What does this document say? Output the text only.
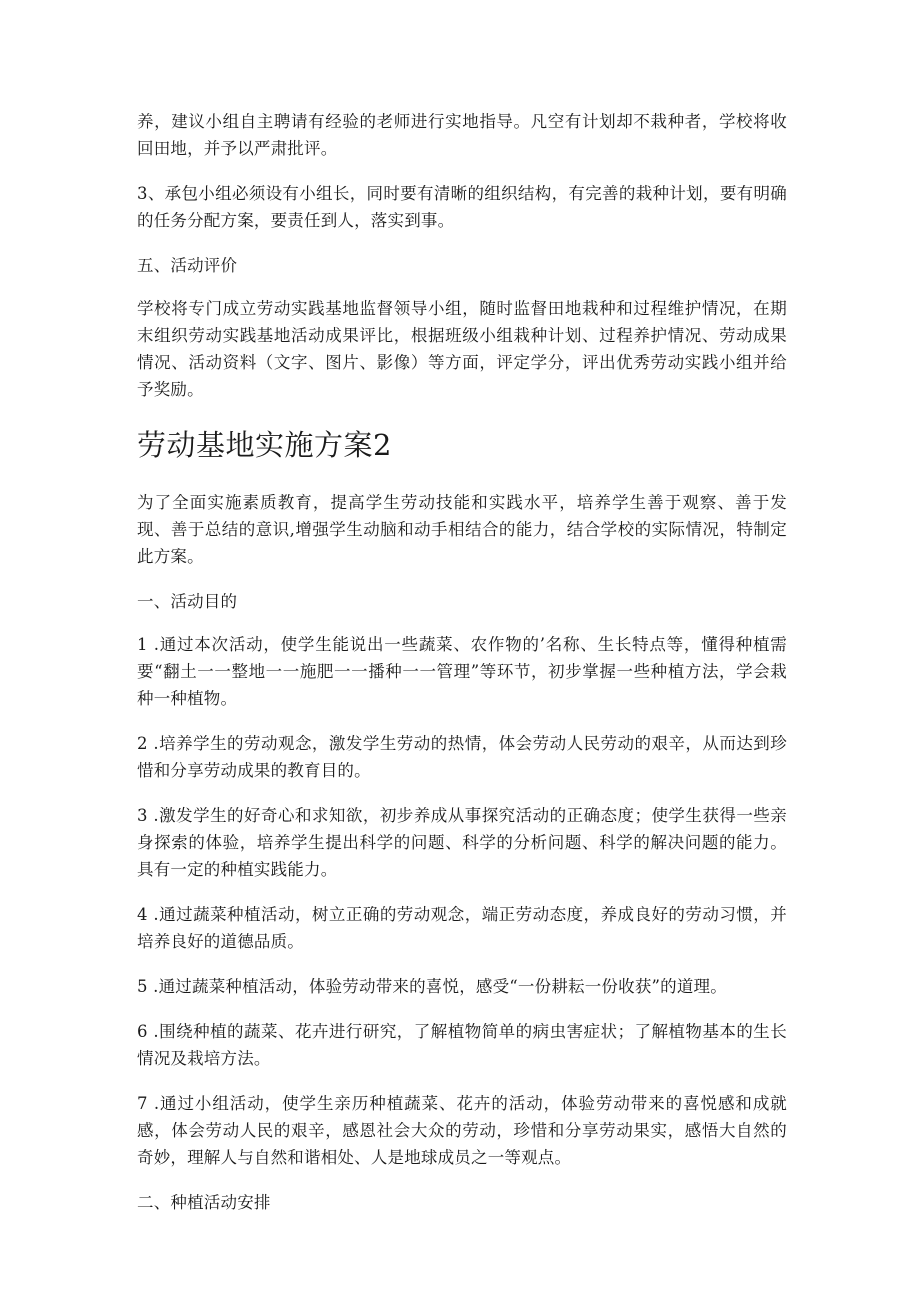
养，建议小组自主聘请有经验的老师进行实地指导。凡空有计划却不栽种者，学校将收回田地，并予以严肃批评。

3、承包小组必须设有小组长，同时要有清晰的组织结构，有完善的栽种计划，要有明确的任务分配方案，要责任到人，落实到事。

五、活动评价

学校将专门成立劳动实践基地监督领导小组，随时监督田地栽种和过程维护情况，在期末组织劳动实践基地活动成果评比，根据班级小组栽种计划、过程养护情况、劳动成果情况、活动资料（文字、图片、影像）等方面，评定学分，评出优秀劳动实践小组并给予奖励。

劳动基地实施方案2

为了全面实施素质教育，提高学生劳动技能和实践水平，培养学生善于观察、善于发现、善于总结的意识,增强学生动脑和动手相结合的能力，结合学校的实际情况，特制定此方案。

一、活动目的

1 .通过本次活动，使学生能说出一些蔬菜、农作物的’名称、生长特点等，懂得种植需要“翻土一一整地一一施肥一一播种一一管理”等环节，初步掌握一些种植方法，学会栽种一种植物。

2 .培养学生的劳动观念，激发学生劳动的热情，体会劳动人民劳动的艰辛，从而达到珍惜和分享劳动成果的教育目的。

3 .激发学生的好奇心和求知欲，初步养成从事探究活动的正确态度；使学生获得一些亲身探索的体验，培养学生提出科学的问题、科学的分析问题、科学的解决问题的能力。具有一定的种植实践能力。

4 .通过蔬菜种植活动，树立正确的劳动观念，端正劳动态度，养成良好的劳动习惯，并培养良好的道德品质。

5 .通过蔬菜种植活动，体验劳动带来的喜悦，感受“一份耕耘一份收获”的道理。

6 .围绕种植的蔬菜、花卉进行研究，了解植物简单的病虫害症状；了解植物基本的生长情况及栽培方法。

7 .通过小组活动，使学生亲历种植蔬菜、花卉的活动，体验劳动带来的喜悦感和成就感，体会劳动人民的艰辛，感恩社会大众的劳动，珍惜和分享劳动果实，感悟大自然的奇妙，理解人与自然和谐相处、人是地球成员之一等观点。

二、种植活动安排
